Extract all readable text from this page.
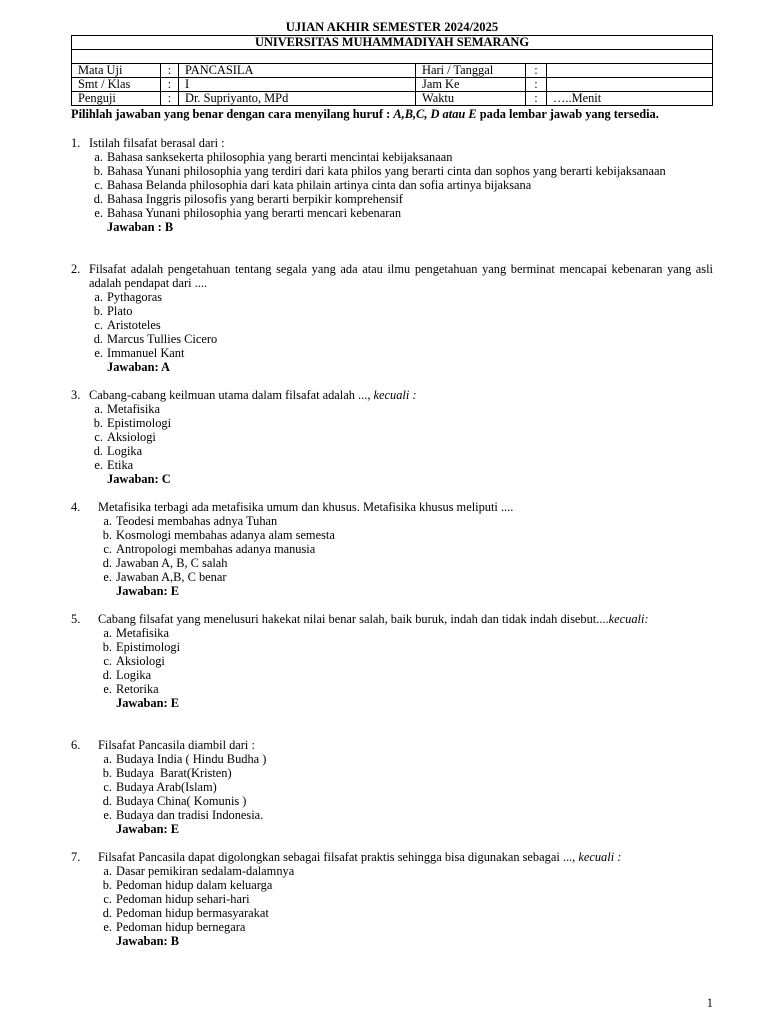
UJIAN AKHIR SEMESTER 2024/2025
UNIVERSITAS MUHAMMADIYAH SEMARANG					

Mata Uji	:	PANCASILA	Hari / Tanggal	:	
Smt / Klas	:	I	Jam Ke	:	
Penguji	:	Dr. Supriyanto, MPd	Waktu	:	…..Menit
Pilihlah jawaban yang benar dengan cara menyilang huruf : A,B,C, D atau E pada lembar jawab yang tersedia.
1. Istilah filsafat berasal dari :
a. Bahasa sanksekerta philosophia yang berarti mencintai kebijaksanaan
b. Bahasa Yunani philosophia yang terdiri dari kata philos yang berarti cinta dan sophos yang berarti kebijaksanaan
c. Bahasa Belanda philosophia dari kata philain artinya cinta dan sofia artinya bijaksana
d. Bahasa Inggris pilosofis yang berarti berpikir komprehensif
e. Bahasa Yunani philosophia yang berarti mencari kebenaran
Jawaban : B
2. Filsafat adalah pengetahuan tentang segala yang ada atau ilmu pengetahuan yang berminat mencapai kebenaran yang asli adalah pendapat dari ....
a. Pythagoras
b. Plato
c. Aristoteles
d. Marcus Tullies Cicero
e. Immanuel Kant
Jawaban: A
3. Cabang-cabang keilmuan utama dalam filsafat adalah ..., kecuali :
a. Metafisika
b. Epistimologi
c. Aksiologi
d. Logika
e. Etika
Jawaban: C
4.	Metafisika terbagi ada metafisika umum dan khusus. Metafisika khusus meliputi ....
a. Teodesi membahas adnya Tuhan
b. Kosmologi membahas adanya alam semesta
c. Antropologi membahas adanya manusia
d. Jawaban A, B, C salah
e. Jawaban A,B, C benar
Jawaban: E
5.	Cabang filsafat yang menelusuri hakekat nilai benar salah, baik buruk, indah dan tidak indah disebut....kecuali:
a. Metafisika
b. Epistimologi
c. Aksiologi
d. Logika
e. Retorika
Jawaban: E
6.	Filsafat Pancasila diambil dari :
a. Budaya India ( Hindu Budha )
b. Budaya  Barat(Kristen)
c. Budaya Arab(Islam)
d. Budaya China( Komunis )
e. Budaya dan tradisi Indonesia.
Jawaban: E
7.	Filsafat Pancasila dapat digolongkan sebagai filsafat praktis sehingga bisa digunakan sebagai ..., kecuali :
a. Dasar pemikiran sedalam-dalamnya
b. Pedoman hidup dalam keluarga
c. Pedoman hidup sehari-hari
d. Pedoman hidup bermasyarakat
e. Pedoman hidup bernegara
Jawaban: B
1
